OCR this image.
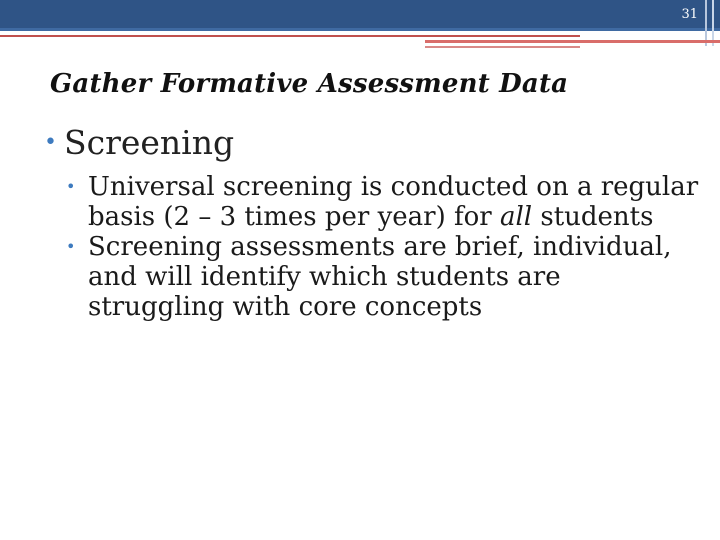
31
Gather Formative Assessment Data
• Screening
• Universal screening is conducted on a regular basis (2 – 3 times per year) for all students
• Screening assessments are brief, individual, and will identify which students are struggling with core concepts
